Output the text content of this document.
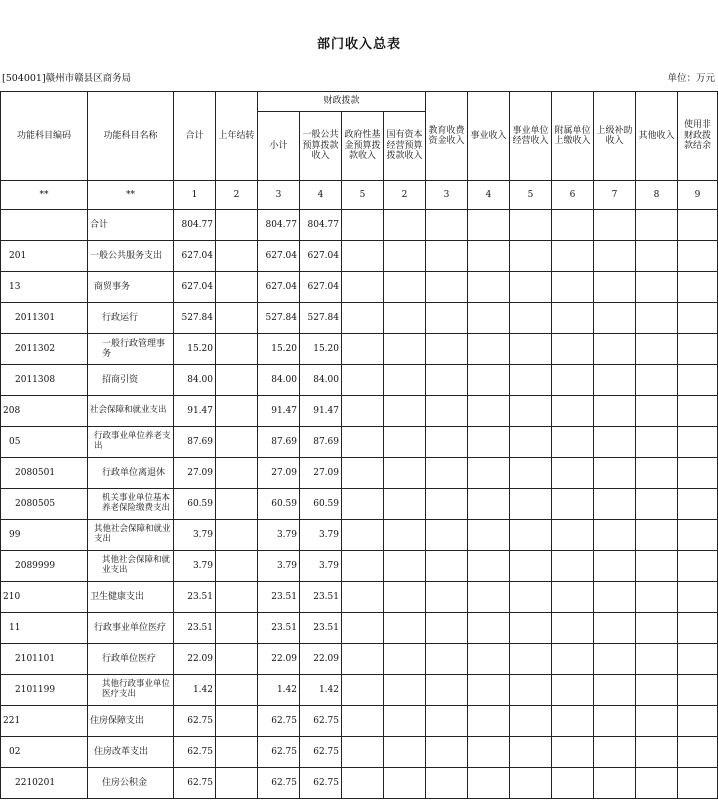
部门收入总表
[504001]赣州市赣县区商务局	单位：万元
功能科目编码	功能科目名称	合计	上年结转	财政拨款				教育收费资金收入	事业收入	事业单位经营收入	附属单位上缴收入	上级补助收入	其他收入	使用非财政拨款结余
				小计	一般公共预算拨款收入	政府性基金预算拨款收入	国有资本经营预算拨款收入							
**	**	1	2	3	4	5	2	3	4	5	6	7	8	9
	合计	804.77		804.77	804.77									
201	一般公共服务支出	627.04		627.04	627.04									
13	商贸事务	627.04		627.04	627.04									
2011301	行政运行	527.84		527.84	527.84									
2011302	一般行政管理事务	15.20		15.20	15.20									
2011308	招商引资	84.00		84.00	84.00									
208	社会保障和就业支出	91.47		91.47	91.47									
05	行政事业单位养老支出	87.69		87.69	87.69									
2080501	行政单位离退休	27.09		27.09	27.09									
2080505	机关事业单位基本养老保险缴费支出	60.59		60.59	60.59									
99	其他社会保障和就业支出	3.79		3.79	3.79									
2089999	其他社会保障和就业支出	3.79		3.79	3.79									
210	卫生健康支出	23.51		23.51	23.51									
11	行政事业单位医疗	23.51		23.51	23.51									
2101101	行政单位医疗	22.09		22.09	22.09									
2101199	其他行政事业单位医疗支出	1.42		1.42	1.42									
221	住房保障支出	62.75		62.75	62.75									
02	住房改革支出	62.75		62.75	62.75									
2210201	住房公积金	62.75		62.75	62.75									
